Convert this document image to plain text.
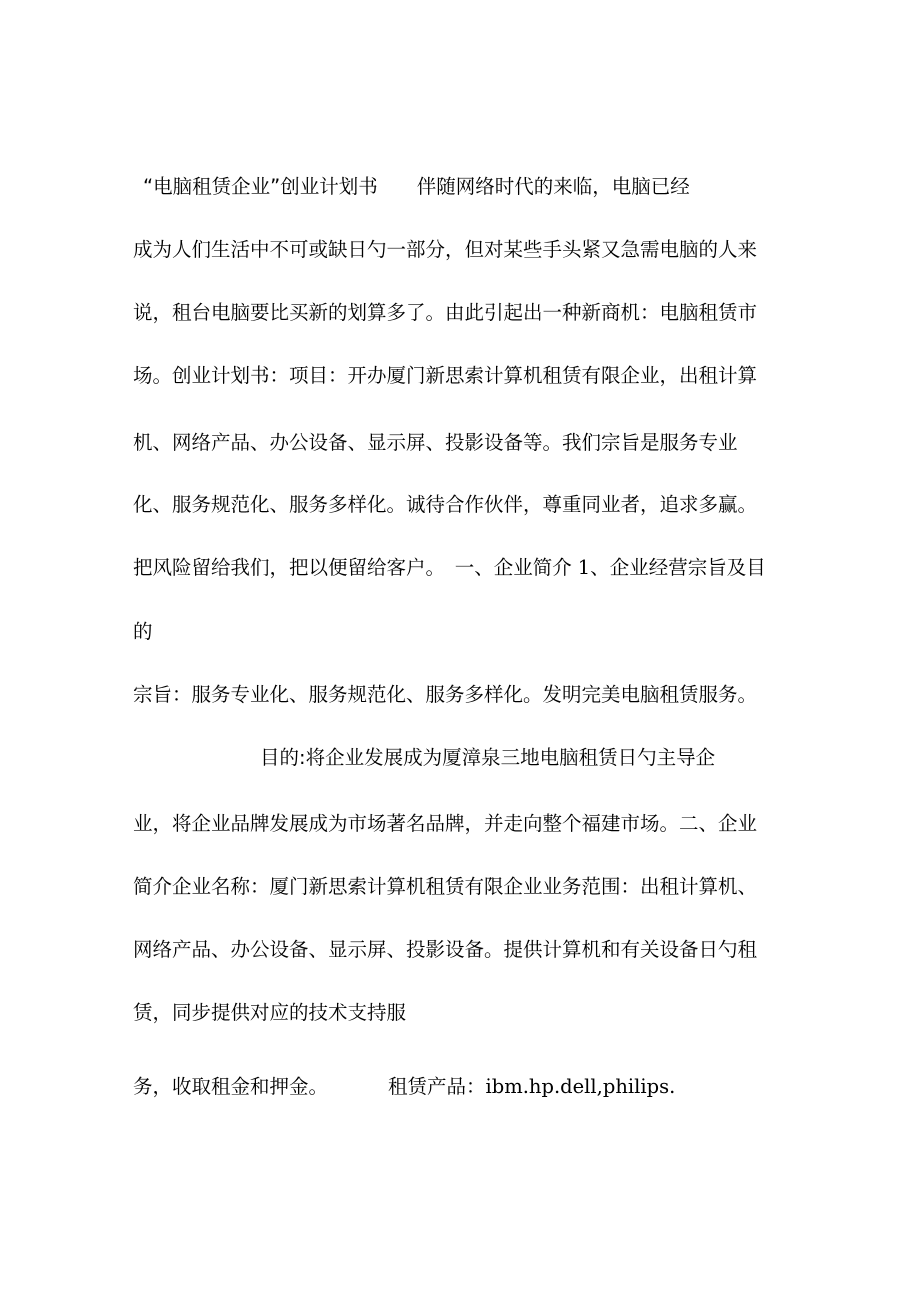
“电脑租赁企业”创业计划书　　伴随网络时代的来临，电脑已经
成为人们生活中不可或缺日勺一部分，但对某些手头紧又急需电脑的人来
说，租台电脑要比买新的划算多了。由此引起出一种新商机：电脑租赁市
场。创业计划书：项目：开办厦门新思索计算机租赁有限企业，出租计算
机、网络产品、办公设备、显示屏、投影设备等。我们宗旨是服务专业
化、服务规范化、服务多样化。诚待合作伙伴，尊重同业者，追求多赢。
把风险留给我们，把以便留给客户。　一、企业简介 1、企业经营宗旨及目
的
宗旨：服务专业化、服务规范化、服务多样化。发明完美电脑租赁服务。
目的:将企业发展成为厦漳泉三地电脑租赁日勺主导企
业，将企业品牌发展成为市场著名品牌，并走向整个福建市场。二、企业
简介企业名称：厦门新思索计算机租赁有限企业业务范围：出租计算机、
网络产品、办公设备、显示屏、投影设备。提供计算机和有关设备日勺租
赁，同步提供对应的技术支持服
务，收取租金和押金。	租赁产品：ibm.hp.dell,philips.
